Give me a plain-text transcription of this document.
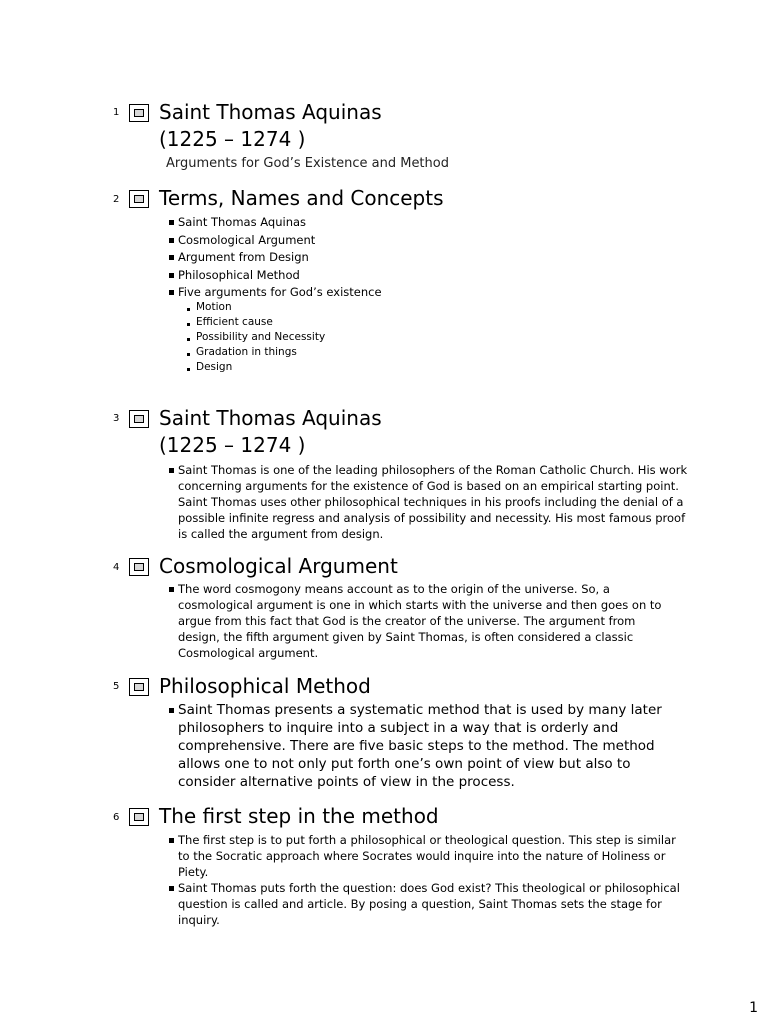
1 Saint Thomas Aquinas
(1225 – 1274 )
Arguments for God’s Existence and Method
2 Terms, Names and Concepts
Saint Thomas Aquinas
Cosmological Argument
Argument from Design
Philosophical Method
Five arguments for God’s existence
Motion
Efficient cause
Possibility and Necessity
Gradation in things
Design
3 Saint Thomas Aquinas
(1225 – 1274 )
Saint Thomas is one of the leading philosophers of the Roman Catholic Church. His work concerning arguments for the existence of God is based on an empirical starting point. Saint Thomas uses other philosophical techniques in his proofs including the denial of a possible infinite regress and analysis of possibility and necessity. His most famous proof is called the argument from design.
4 Cosmological Argument
The word cosmogony means account as to the origin of the universe. So, a cosmological argument is one in which starts with the universe and then goes on to argue from this fact that God is the creator of the universe. The argument from design, the fifth argument given by Saint Thomas, is often considered a classic Cosmological argument.
5 Philosophical Method
Saint Thomas presents a systematic method that is used by many later philosophers to inquire into a subject in a way that is orderly and comprehensive. There are five basic steps to the method. The method allows one to not only put forth one’s own point of view but also to consider alternative points of view in the process.
6 The first step in the method
The first step is to put forth a philosophical or theological question. This step is similar to the Socratic approach where Socrates would inquire into the nature of Holiness or Piety.
Saint Thomas puts forth the question: does God exist? This theological or philosophical question is called and article. By posing a question, Saint Thomas sets the stage for inquiry.
1
